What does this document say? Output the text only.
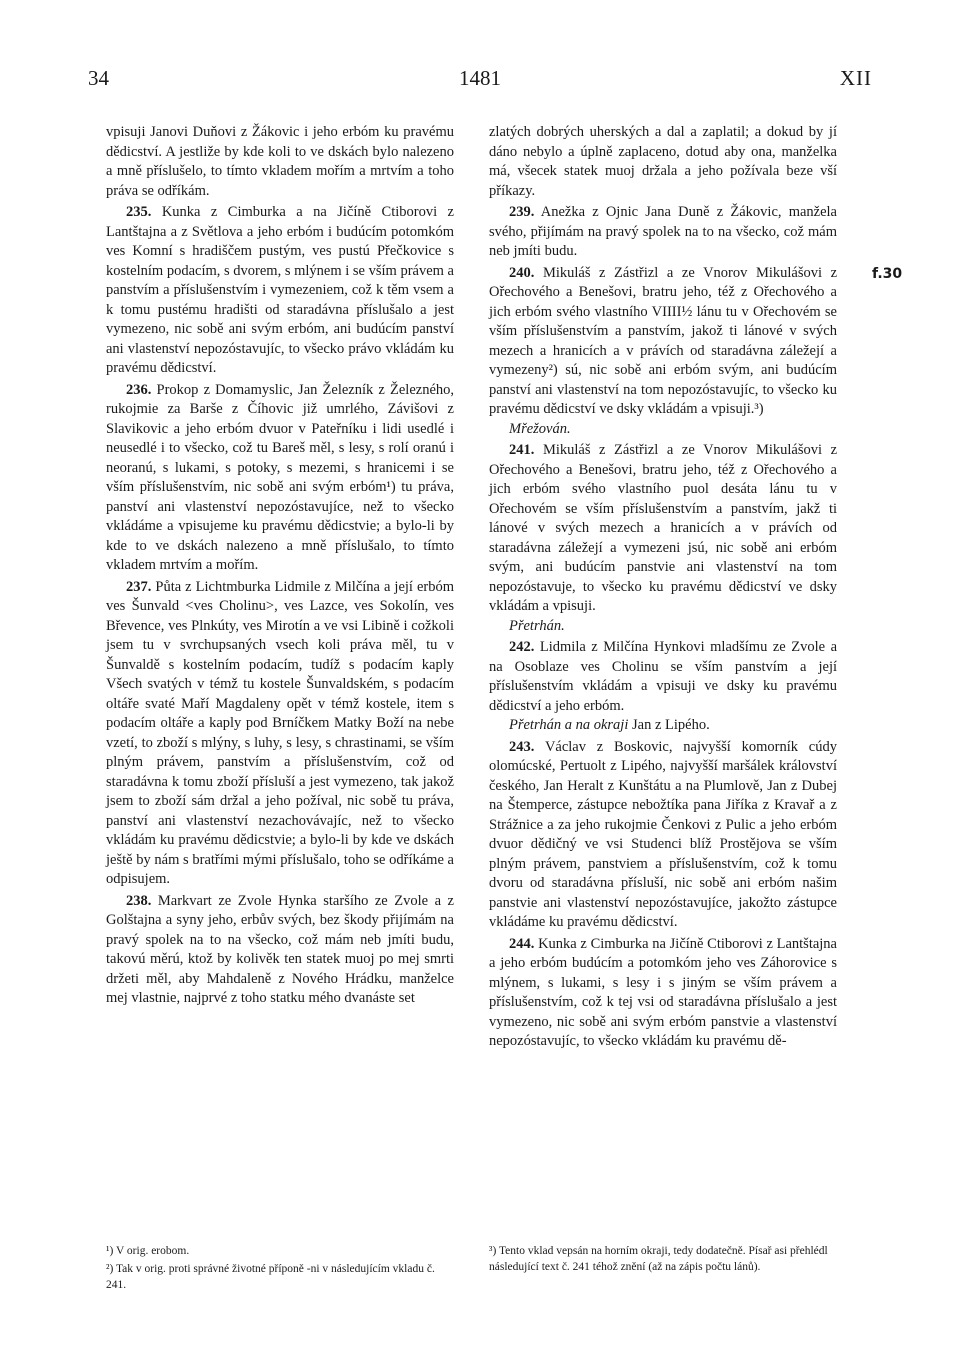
34	1481	XII
f.30

vpisuji Janovi Duňovi z Žákovic i jeho erbóm ku pravému dědicství. A jestliže by kde koli to ve dskách bylo nalezeno a mně příslušelo, to tímto vkladem mořím a mrtvím a toho práva se odříkám.

235. Kunka z Cimburka a na Jičíně Ctiborovi z Lantštajna a z Světlova a jeho erbóm i budúcím potomkóm ves Komní s hradiščem pustým, ves pustú Přečkovice s kostelním podacím, s dvorem, s mlýnem i se vším právem a panstvím a příslušenstvím i vymezeniem, což k těm vsem a k tomu pustému hradišti od staradávna příslušalo a jest vymezeno, nic sobě ani svým erbóm, ani budúcím panství ani vlastenství nepozóstavujíc, to všecko právo vkládám ku pravému dědicství.

236. Prokop z Domamyslic, Jan Železník z Železného, rukojmie za Barše z Číhovic již umrlého, Závišovi z Slavikovic a jeho erbóm dvuor v Pateřníku i lidi usedlé i neusedlé i to všecko, což tu Bareš měl, s lesy, s rolí oranú i neoranú, s lukami, s potoky, s mezemi, s hranicemi i se vším příslušenstvím, nic sobě ani svým erbóm¹) tu práva, panství ani vlastenství nepozóstavujíce, než to všecko vkládáme a vpisujeme ku pravému dědicstvie; a bylo-li by kde to ve dskách nalezeno a mně příslušalo, to tímto vkladem mrtvím a mořím.

237. Půta z Lichtmburka Lidmile z Milčína a její erbóm ves Šunvald <ves Cholinu>, ves Lazce, ves Sokolín, ves Břevence, ves Plnkúty, ves Mirotín a ve vsi Libině i cožkoli jsem tu v svrchupsaných vsech koli práva měl, tu v Šunvaldě s kostelním podacím, tudíž s podacím kaply Všech svatých v témž tu kostele Šunvaldském, s podacím oltáře svaté Maří Magdaleny opět v témž kostele, item s podacím oltáře a kaply pod Brníčkem Matky Boží na nebe vzetí, to zboží s mlýny, s luhy, s lesy, s chrastinami, se vším plným právem, panstvím a příslušenstvím, což od staradávna k tomu zboží přísluší a jest vymezeno, tak jakož jsem to zboží sám držal a jeho požíval, nic sobě tu práva, panství ani vlastenství nezachovávajíc, než to všecko vkládám ku pravému dědicstvie; a bylo-li by kde ve dskách ještě by nám s bratřími mými příslušalo, toho se odříkáme a odpisujem.

238. Markvart ze Zvole Hynka staršího ze Zvole a z Golštajna a syny jeho, erbův svých, bez škody přijímám na pravý spolek na to na všecko, což mám neb jmíti budu, takovú měrú, ktož by kolivěk ten statek muoj po mej smrti držeti měl, aby Mahdaleně z Nového Hrádku, manželce mej vlastnie, najprvé z toho statku mého dvanáste set

zlatých dobrých uherských a dal a zaplatil; a dokud by jí dáno nebylo a úplně zaplaceno, dotud aby ona, manželka má, všecek statek muoj držala a jeho požívala beze vší příkazy.

239. Anežka z Ojnic Jana Duně z Žákovic, manžela svého, přijímám na pravý spolek na to na všecko, což mám neb jmíti budu.

240. Mikuláš z Zástřizl a ze Vnorov Mikulášovi z Ořechového a Benešovi, bratru jeho, též z Ořechového a jich erbóm svého vlastního VIIII½ lánu tu v Ořechovém se vším příslušenstvím a panstvím, jakož ti lánové v svých mezech a hranicích a v právích od staradávna záležejí a vymezeny²) sú, nic sobě ani erbóm svým, ani budúcím panství ani vlastenství na tom nepozóstavujíc, to všecko ku pravému dědicství ve dsky vkládám a vpisuji.³)

Mřežován.

241. Mikuláš z Zástřizl a ze Vnorov Mikulášovi z Ořechového a Benešovi, bratru jeho, též z Ořechového a jich erbóm svého vlastního puol desáta lánu tu v Ořechovém se vším příslušenstvím a panstvím, jakž ti lánové v svých mezech a hranicích a v právích od staradávna záležejí a vymezeni jsú, nic sobě ani erbóm svým, ani budúcím panstvie ani vlastenství na tom nepozóstavuje, to všecko ku pravému dědicství ve dsky vkládám a vpisuji.

Přetrhán.

242. Lidmila z Milčína Hynkovi mladšímu ze Zvole a na Osoblaze ves Cholinu se vším panstvím a její příslušenstvím vkládám a vpisuji ve dsky ku pravému dědicství a jeho erbóm.

Přetrhán a na okraji Jan z Lipého.

243. Václav z Boskovic, najvyšší komorník cúdy olomúcské, Pertuolt z Lipého, najvyšší maršálek království českého, Jan Heralt z Kunštátu a na Plumlově, Jan z Dubej na Štemperce, zástupce nebožtíka pana Jiříka z Kravař a z Strážnice a za jeho rukojmie Čenkovi z Pulic a jeho erbóm dvuor dědičný ve vsi Studenci blíž Prostějova se vším plným právem, panstviem a příslušenstvím, což k tomu dvoru od staradávna přísluší, nic sobě ani erbóm našim panstvie ani vlastenství nepozóstavujíce, jakožto zástupce vkládáme ku pravému dědicství.

244. Kunka z Cimburka na Jičíně Ctiborovi z Lantštajna a jeho erbóm budúcím a potomkóm jeho ves Záhorovice s mlýnem, s lukami, s lesy i s jiným se vším právem a příslušenstvím, což k tej vsi od staradávna příslušalo a jest vymezeno, nic sobě ani svým erbóm panstvie a vlastenství nepozóstavujíc, to všecko vkládám ku pravému dě-

¹) V orig. erobom.

²) Tak v orig. proti správné životné příponě -ni v následujícím vkladu č. 241.

³) Tento vklad vepsán na horním okraji, tedy dodatečně. Písař asi přehlédl následující text č. 241 téhož znění (až na zápis počtu lánů).
